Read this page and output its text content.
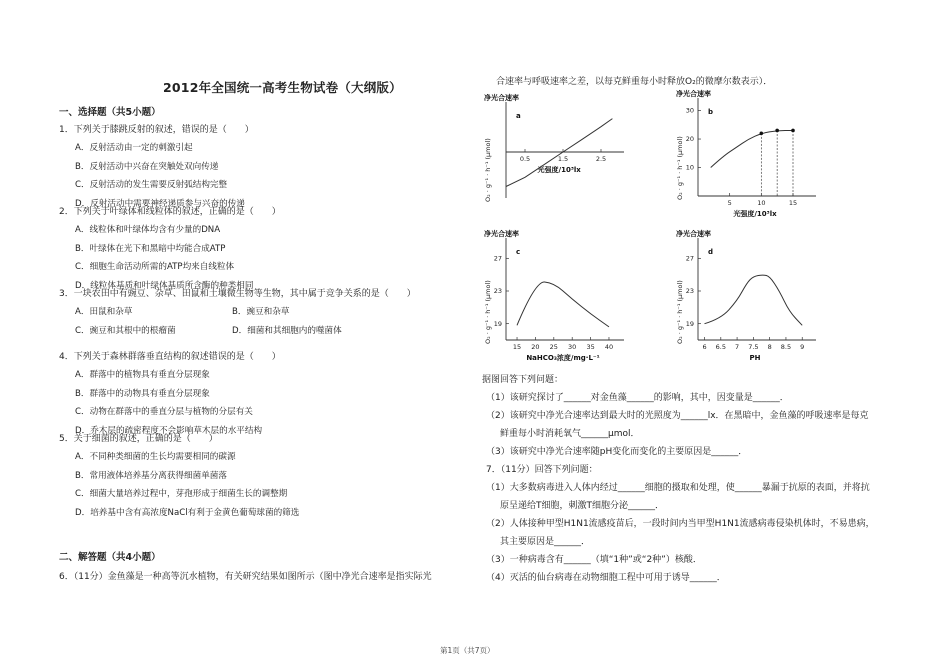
2012年全国统一高考生物试卷（大纲版）
一、选择题（共5小题）
1．下列关于膝跳反射的叙述，错误的是（　　）
A．反射活动由一定的刺激引起
B．反射活动中兴奋在突触处双向传递
C．反射活动的发生需要反射弧结构完整
D．反射活动中需要神经递质参与兴奋的传递
2．下列关于叶绿体和线粒体的叙述，正确的是（　　）
A．线粒体和叶绿体均含有少量的DNA
B．叶绿体在光下和黑暗中均能合成ATP
C．细胞生命活动所需的ATP均来自线粒体
D．线粒体基质和叶绿体基质所含酶的种类相同
3．一块农田中有豌豆、杂草、田鼠和土壤微生物等生物，其中属于竞争关系的是（　　）
A．田鼠和杂草	B．豌豆和杂草
C．豌豆和其根中的根瘤菌	D．细菌和其细胞内的噬菌体
4．下列关于森林群落垂直结构的叙述错误的是（　　）
A．群落中的植物具有垂直分层现象
B．群落中的动物具有垂直分层现象
C．动物在群落中的垂直分层与植物的分层有关
D．乔木层的疏密程度不会影响草木层的水平结构
5．关于细菌的叙述，正确的是（　　）
A．不同种类细菌的生长均需要相同的碳源
B．常用液体培养基分离获得细菌单菌落
C．细菌大量培养过程中，芽孢形成于细菌生长的调整期
D．培养基中含有高浓度NaCl有利于金黄色葡萄球菌的筛选
二、解答题（共4小题）
6．（11分）金鱼藻是一种高等沉水植物，有关研究结果如图所示（图中净光合速率是指实际光
合速率与呼吸速率之差，以每克鲜重每小时释放O₂的微摩尔数表示）．
净光合速率
O₂ · g⁻¹ · h⁻¹ (μmol)
a
0.5	1.5	2.5
光强度/10³lx
净光合速率
O₂ · g⁻¹ · h⁻¹ (μmol)
b
5	10	15
10
20
30
光强度/10³lx
净光合速率
O₂ · g⁻¹ · h⁻¹ (μmol)
c
15 20 25 30 35 40
19
23
27
NaHCO₃浓度/mg·L⁻¹
净光合速率
O₂ · g⁻¹ · h⁻¹ (μmol)
d
6 6.5 7 7.5 8 8.5 9
19
23
27
PH
据图回答下列问题：
（1）该研究探讨了______对金鱼藻______的影响，其中，因变量是______．
（2）该研究中净光合速率达到最大时的光照度为______lx．在黑暗中，金鱼藻的呼吸速率是每克
鲜重每小时消耗氧气______μmol．
（3）该研究中净光合速率随pH变化而变化的主要原因是______．
7．（11分）回答下列问题：
（1）大多数病毒进入人体内经过______细胞的摄取和处理，使______暴漏于抗原的表面，并将抗
原呈递给T细胞，刺激T细胞分泌______．
（2）人体接种甲型H1N1流感疫苗后，一段时间内当甲型H1N1流感病毒侵染机体时，不易患病，
其主要原因是______．
（3）一种病毒含有______（填“1种”或“2种”）核酸．
（4）灭活的仙台病毒在动物细胞工程中可用于诱导______．
第1页（共7页）
